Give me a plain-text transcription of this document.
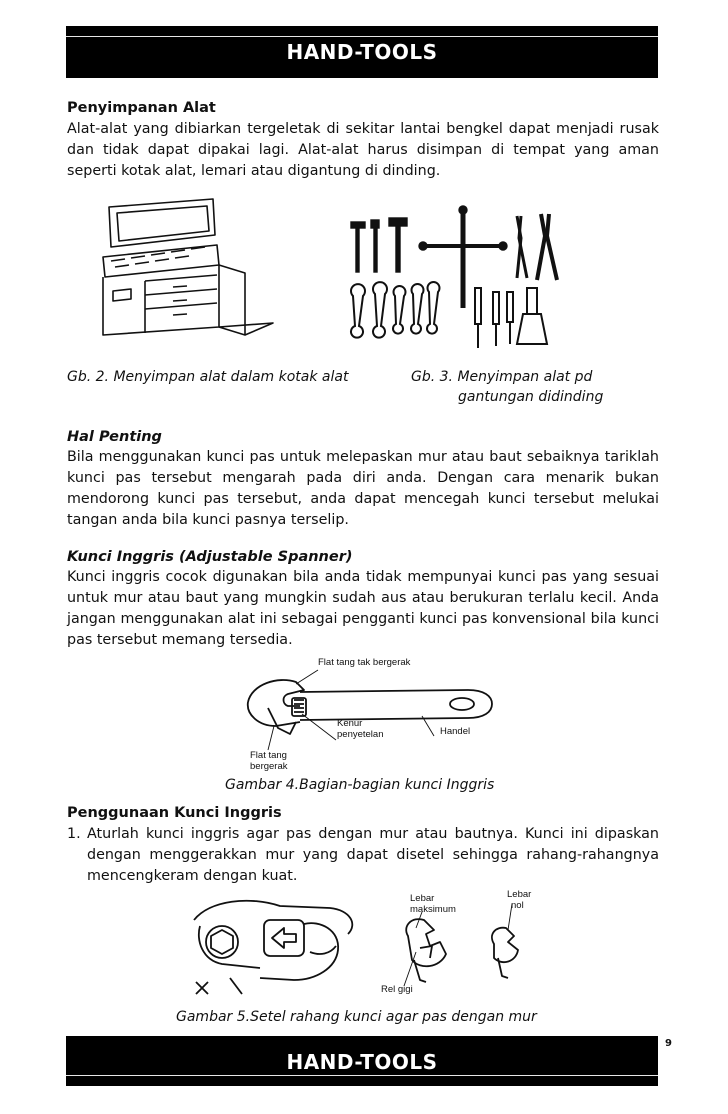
HAND-TOOLS
Penyimpanan Alat
Alat-alat yang dibiarkan tergeletak di sekitar lantai bengkel dapat menjadi rusak dan tidak dapat dipakai lagi. Alat-alat harus disimpan di tempat yang aman seperti kotak alat, lemari atau digantung di dinding.
Gb. 2. Menyimpan alat dalam kotak alat	Gb. 3. Menyimpan alat pd
gantungan didinding
Hal Penting
Bila menggunakan kunci pas untuk melepaskan mur atau baut sebaiknya tariklah kunci pas tersebut mengarah pada diri anda. Dengan cara menarik bukan mendorong kunci pas tersebut, anda dapat mencegah kunci tersebut melukai tangan anda bila kunci pasnya terselip.
Kunci Inggris (Adjustable Spanner)
Kunci inggris cocok digunakan bila anda tidak mempunyai kunci pas yang sesuai untuk mur atau baut yang mungkin sudah aus atau berukuran terlalu kecil. Anda jangan menggunakan alat ini sebagai pengganti kunci pas konvensional bila kunci pas tersebut memang tersedia.
Flat tang tak bergerak
Kenur
penyetelan	Handel
Flat tang
bergerak
Gambar 4.Bagian-bagian kunci Inggris
Penggunaan Kunci Inggris
1. Aturlah kunci inggris agar pas dengan mur atau bautnya. Kunci ini dipaskan dengan menggerakkan mur yang dapat disetel sehingga rahang-rahangnya mencengkeram dengan kuat.
Lebar
maksimum
Lebar
nol
Rel gigi
Gambar 5.Setel rahang kunci agar pas dengan mur
9
HAND-TOOLS
